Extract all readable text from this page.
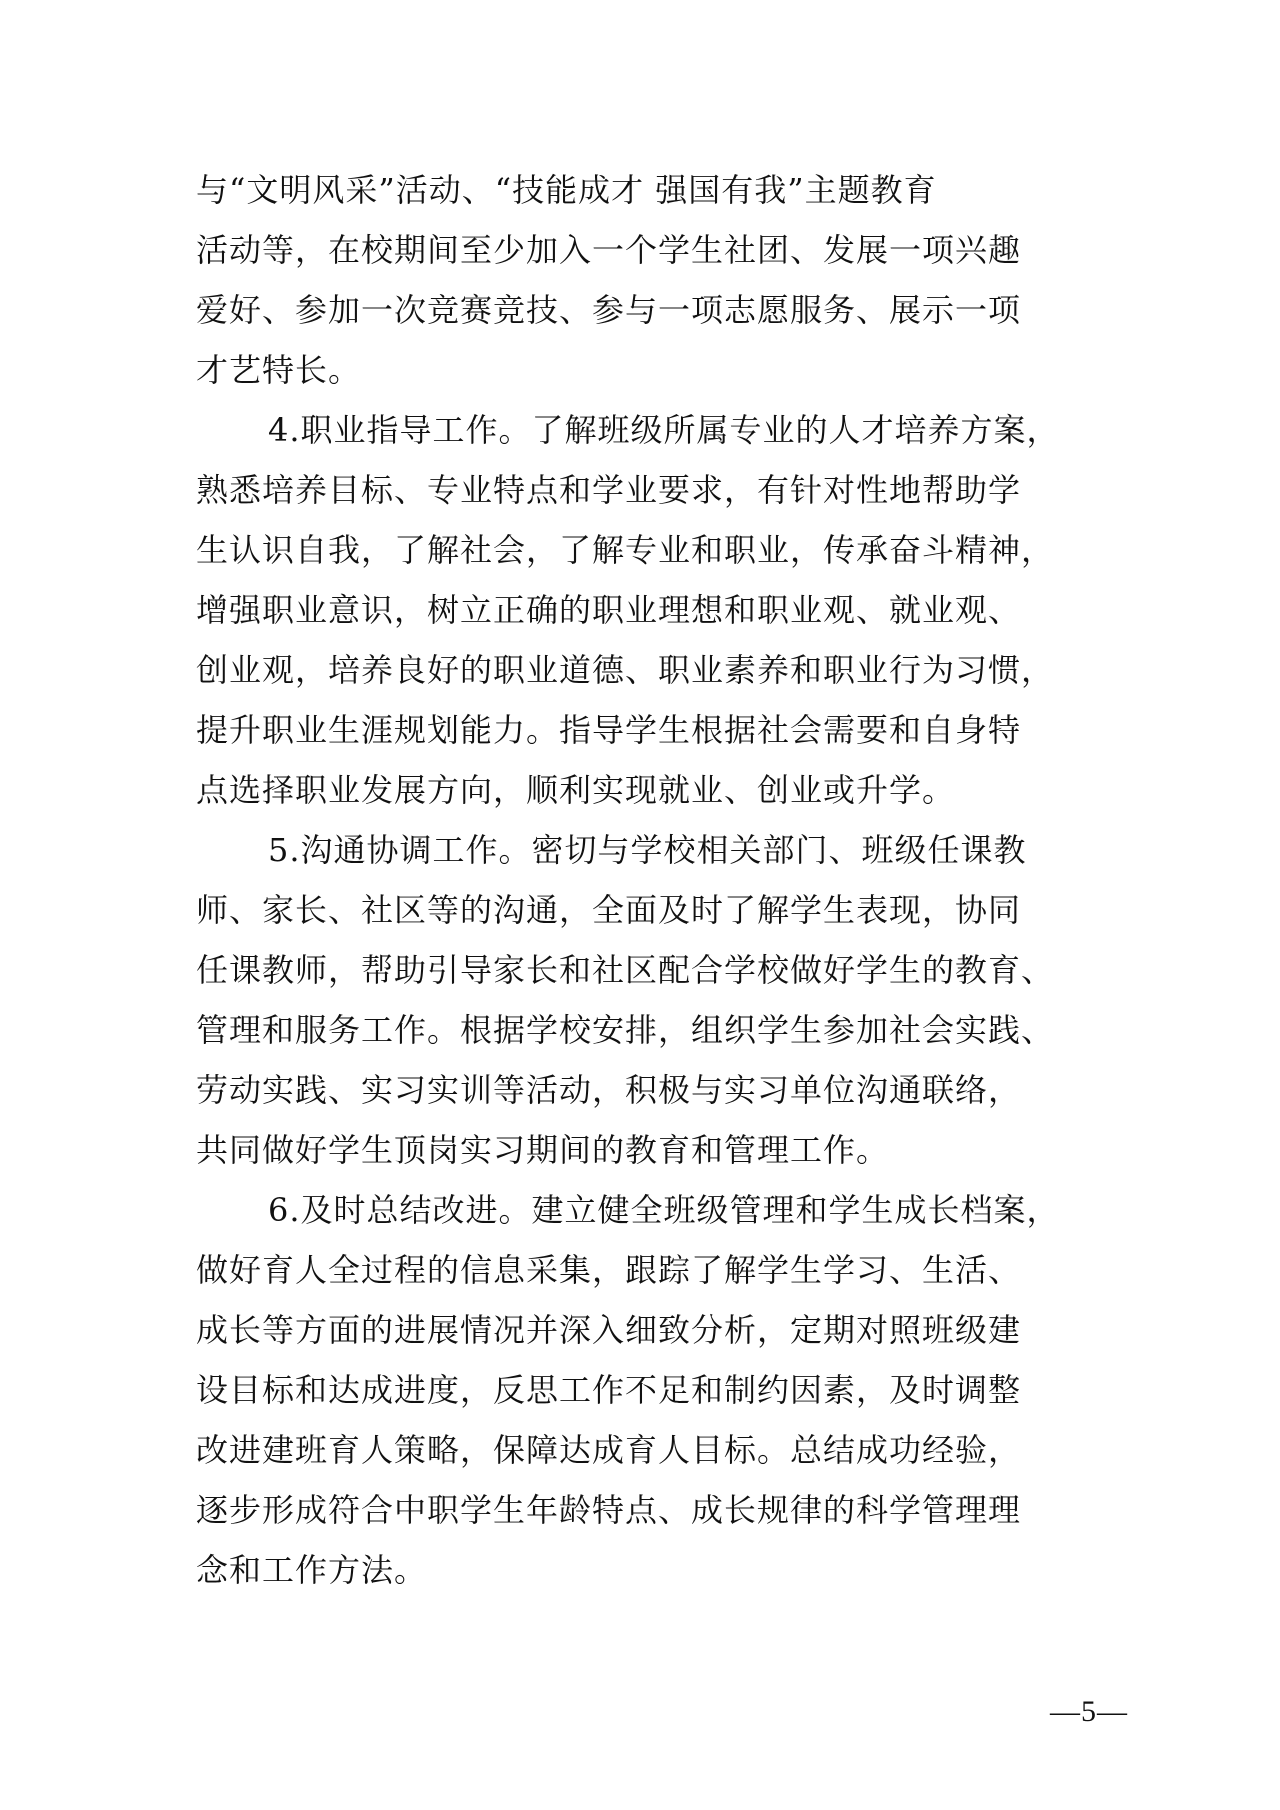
与“文明风采”活动、“技能成才 强国有我”主题教育
活动等，在校期间至少加入一个学生社团、发展一项兴趣
爱好、参加一次竞赛竞技、参与一项志愿服务、展示一项
才艺特长。
4.职业指导工作。了解班级所属专业的人才培养方案，
熟悉培养目标、专业特点和学业要求，有针对性地帮助学
生认识自我，了解社会，了解专业和职业，传承奋斗精神，
增强职业意识，树立正确的职业理想和职业观、就业观、
创业观，培养良好的职业道德、职业素养和职业行为习惯，
提升职业生涯规划能力。指导学生根据社会需要和自身特
点选择职业发展方向，顺利实现就业、创业或升学。
5.沟通协调工作。密切与学校相关部门、班级任课教
师、家长、社区等的沟通，全面及时了解学生表现，协同
任课教师，帮助引导家长和社区配合学校做好学生的教育、
管理和服务工作。根据学校安排，组织学生参加社会实践、
劳动实践、实习实训等活动，积极与实习单位沟通联络，
共同做好学生顶岗实习期间的教育和管理工作。
6.及时总结改进。建立健全班级管理和学生成长档案，
做好育人全过程的信息采集，跟踪了解学生学习、生活、
成长等方面的进展情况并深入细致分析，定期对照班级建
设目标和达成进度，反思工作不足和制约因素，及时调整
改进建班育人策略，保障达成育人目标。总结成功经验，
逐步形成符合中职学生年龄特点、成长规律的科学管理理
念和工作方法。
—5—
